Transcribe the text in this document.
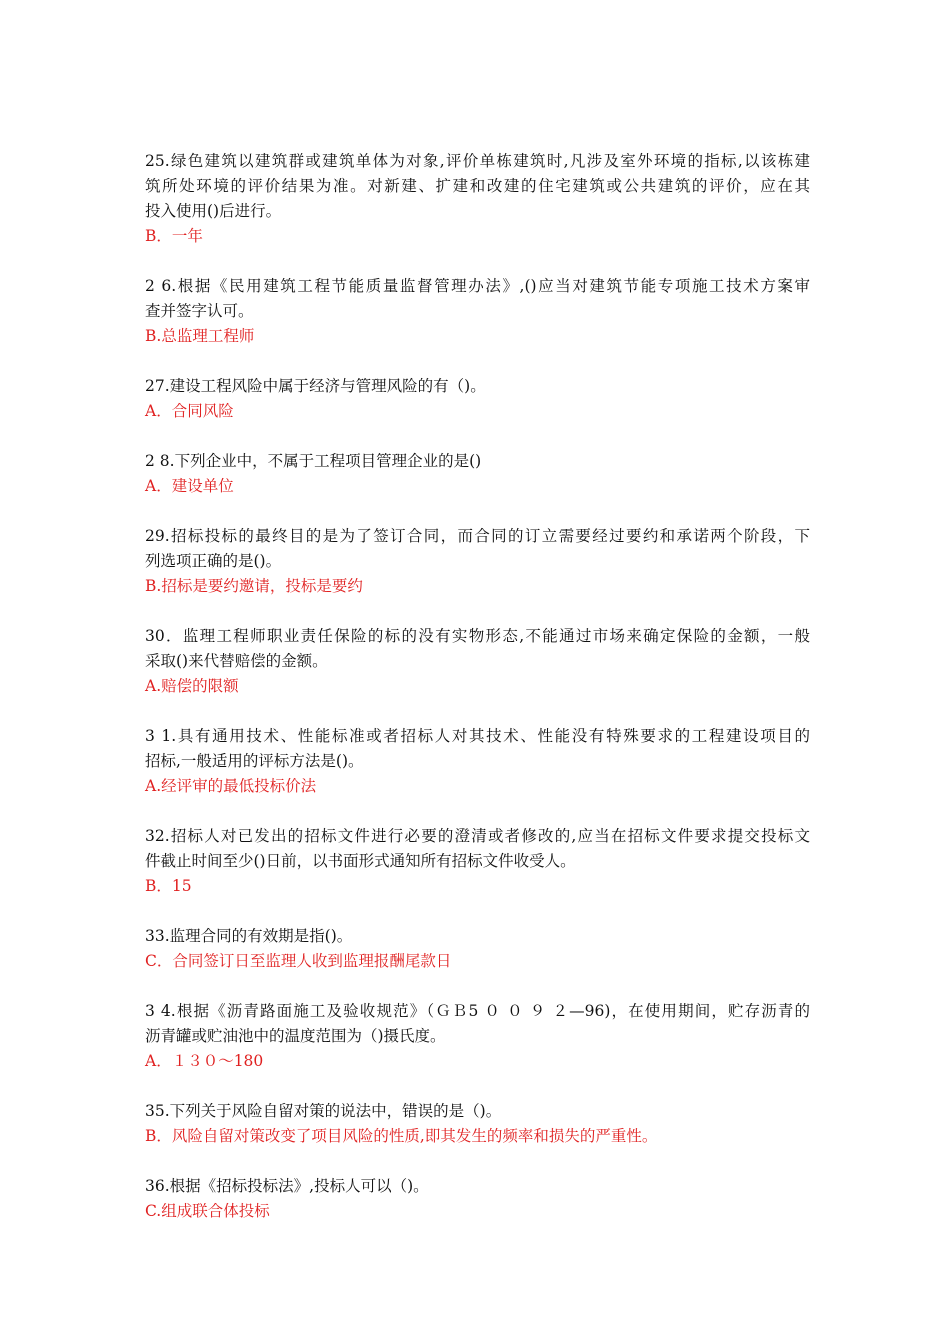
25.绿色建筑以建筑群或建筑单体为对象,评价单栋建筑时,凡涉及室外环境的指标,以该栋建
筑所处环境的评价结果为准。对新建、扩建和改建的住宅建筑或公共建筑的评价，应在其
投入使用()后进行。
B．一年
2 6.根据《民用建筑工程节能质量监督管理办法》,()应当对建筑节能专项施工技术方案审
查并签字认可。
B.总监理工程师
27.建设工程风险中属于经济与管理风险的有（)。
A．合同风险
2 8.下列企业中，不属于工程项目管理企业的是()
A．建设单位
29.招标投标的最终目的是为了签订合同，而合同的订立需要经过要约和承诺两个阶段，下
列选项正确的是()。
B.招标是要约邀请，投标是要约
30．监理工程师职业责任保险的标的没有实物形态,不能通过市场来确定保险的金额，一般
采取()来代替赔偿的金额。
A.赔偿的限额
3 1.具有通用技术、性能标准或者招标人对其技术、性能没有特殊要求的工程建设项目的
招标,一般适用的评标方法是()。
A.经评审的最低投标价法
32.招标人对已发出的招标文件进行必要的澄清或者修改的,应当在招标文件要求提交投标文
件截止时间至少()日前，以书面形式通知所有招标文件收受人。
B．15
33.监理合同的有效期是指()。
C．合同签订日至监理人收到监理报酬尾款日
3 4.根据《沥青路面施工及验收规范》（ＧＢ5 ０ ０ ９ ２—96)，在使用期间，贮存沥青的
沥青罐或贮油池中的温度范围为（)摄氏度。
A．１３０～180
35.下列关于风险自留对策的说法中，错误的是（)。
B．风险自留对策改变了项目风险的性质,即其发生的频率和损失的严重性。
36.根据《招标投标法》,投标人可以（)。
C.组成联合体投标
